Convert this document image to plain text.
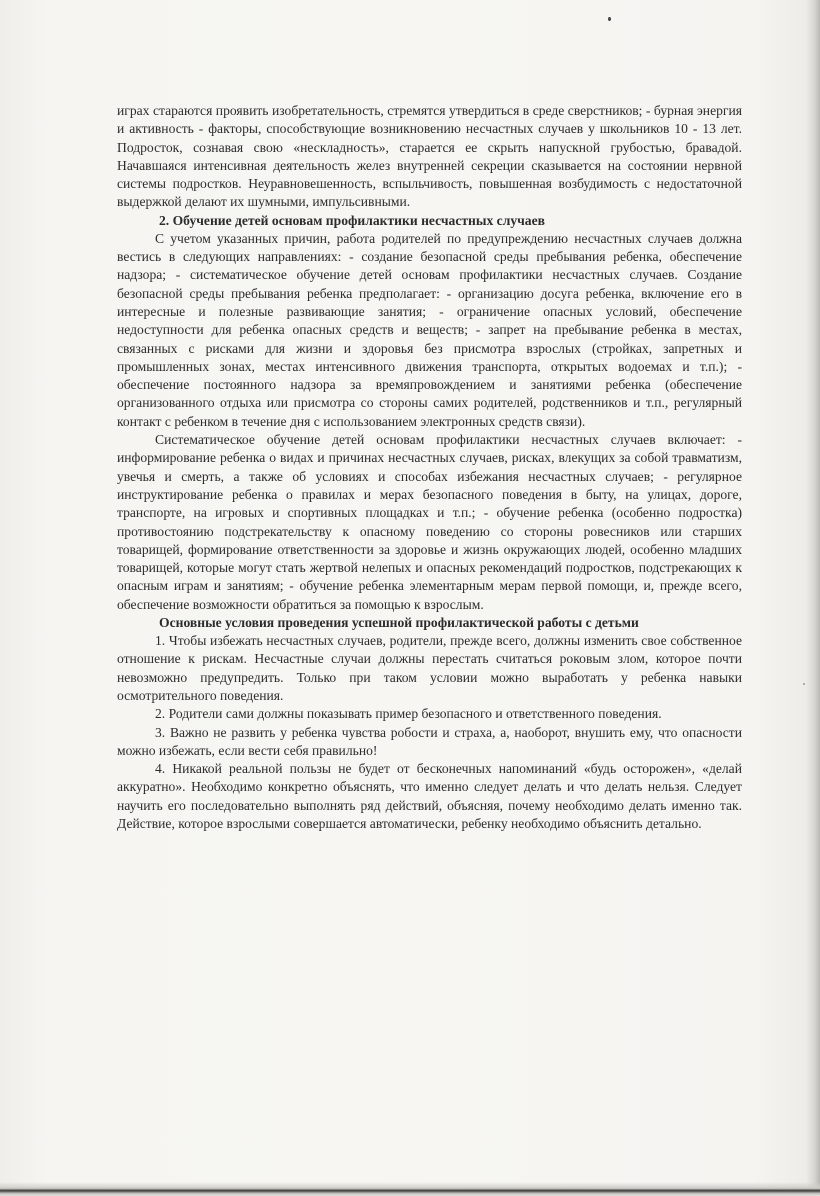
играх стараются проявить изобретательность, стремятся утвердиться в среде сверстников; - бурная энергия и активность - факторы, способствующие возникновению несчастных случаев у школьников 10 - 13 лет. Подросток, сознавая свою «нескладность», старается ее скрыть напускной грубостью, бравадой. Начавшаяся интенсивная деятельность желез внутренней секреции сказывается на состоянии нервной системы подростков. Неуравновешенность, вспыльчивость, повышенная возбудимость с недостаточной выдержкой делают их шумными, импульсивными.

2. Обучение детей основам профилактики несчастных случаев

С учетом указанных причин, работа родителей по предупреждению несчастных случаев должна вестись в следующих направлениях: - создание безопасной среды пребывания ребенка, обеспечение надзора; - систематическое обучение детей основам профилактики несчастных случаев. Создание безопасной среды пребывания ребенка предполагает: - организацию досуга ребенка, включение его в интересные и полезные развивающие занятия; - ограничение опасных условий, обеспечение недоступности для ребенка опасных средств и веществ; - запрет на пребывание ребенка в местах, связанных с рисками для жизни и здоровья без присмотра взрослых (стройках, запретных и промышленных зонах, местах интенсивного движения транспорта, открытых водоемах и т.п.); - обеспечение постоянного надзора за времяпровождением и занятиями ребенка (обеспечение организованного отдыха или присмотра со стороны самих родителей, родственников и т.п., регулярный контакт с ребенком в течение дня с использованием электронных средств связи).

Систематическое обучение детей основам профилактики несчастных случаев включает: - информирование ребенка о видах и причинах несчастных случаев, рисках, влекущих за собой травматизм, увечья и смерть, а также об условиях и способах избежания несчастных случаев; - регулярное инструктирование ребенка о правилах и мерах безопасного поведения в быту, на улицах, дороге, транспорте, на игровых и спортивных площадках и т.п.; - обучение ребенка (особенно подростка) противостоянию подстрекательству к опасному поведению со стороны ровесников или старших товарищей, формирование ответственности за здоровье и жизнь окружающих людей, особенно младших товарищей, которые могут стать жертвой нелепых и опасных рекомендаций подростков, подстрекающих к опасным играм и занятиям; - обучение ребенка элементарным мерам первой помощи, и, прежде всего, обеспечение возможности обратиться за помощью к взрослым.

Основные условия проведения успешной профилактической работы с детьми

1. Чтобы избежать несчастных случаев, родители, прежде всего, должны изменить свое собственное отношение к рискам. Несчастные случаи должны перестать считаться роковым злом, которое почти невозможно предупредить. Только при таком условии можно выработать у ребенка навыки осмотрительного поведения.

2. Родители сами должны показывать пример безопасного и ответственного поведения.

3. Важно не развить у ребенка чувства робости и страха, а, наоборот, внушить ему, что опасности можно избежать, если вести себя правильно!

4. Никакой реальной пользы не будет от бесконечных напоминаний «будь осторожен», «делай аккуратно». Необходимо конкретно объяснять, что именно следует делать и что делать нельзя. Следует научить его последовательно выполнять ряд действий, объясняя, почему необходимо делать именно так. Действие, которое взрослыми совершается автоматически, ребенку необходимо объяснить детально.
